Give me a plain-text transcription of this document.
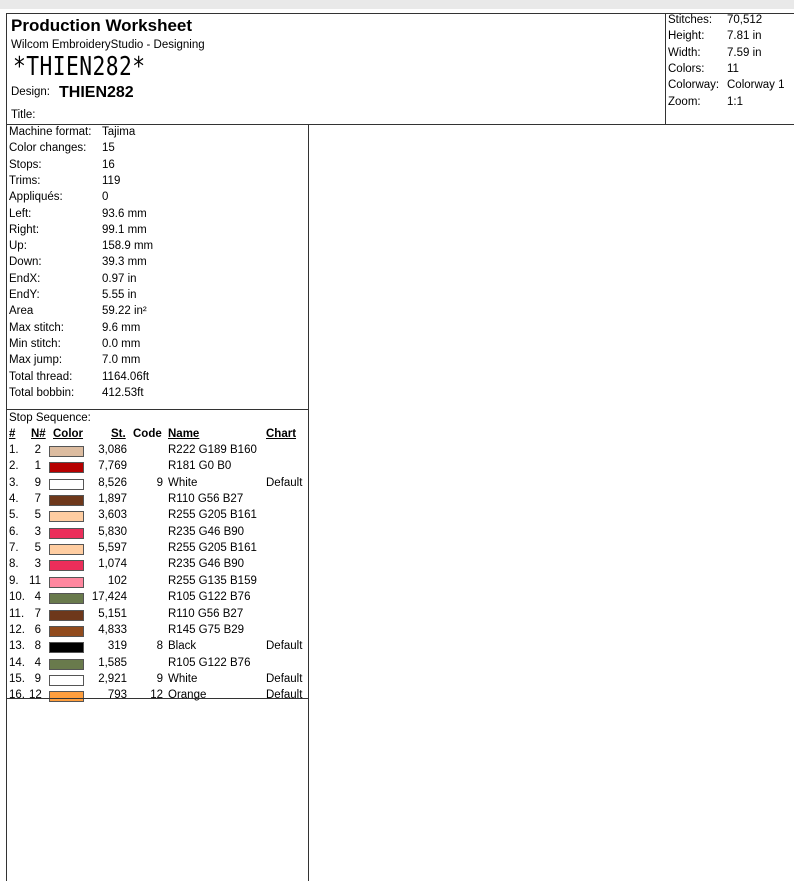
Production Worksheet
Wilcom EmbroideryStudio - Designing
*THIEN282*
Design: THIEN282
Title:
Stitches: 70,512
Height: 7.81 in
Width: 7.59 in
Colors: 11
Colorway: Colorway 1
Zoom: 1:1
Machine format: Tajima
Color changes: 15
Stops:	16
Trims:	119
Appliqués:	0
Left:	93.6 mm
Right:	99.1 mm
Up:	158.9 mm
Down:	39.3 mm
EndX:	0.97 in
EndY:	5.55 in
Area	59.22 in²
Max stitch:	9.6 mm
Min stitch:	0.0 mm
Max jump:	7.0 mm
Total thread:	1164.06ft
Total bobbin: 412.53ft
Stop Sequence:
# N# Color St. Code Name	Chart
1.	2	3,086	R222 G189 B160
2.	1	7,769	R181 G0 B0
3.	9	8,526	9 White	Default
4.	7	1,897	R110 G56 B27
5.	5	3,603	R255 G205 B161
6.	3	5,830	R235 G46 B90
7.	5	5,597	R255 G205 B161
8.	3	1,074	R235 G46 B90
9. 11	102	R255 G135 B159
10. 4	17,424	R105 G122 B76
11. 7	5,151	R110 G56 B27
12. 6	4,833	R145 G75 B29
13. 8	319	8 Black	Default
14. 4	1,585	R105 G122 B76
15. 9	2,921	9 White	Default
16. 12	793	12 Orange	Default
